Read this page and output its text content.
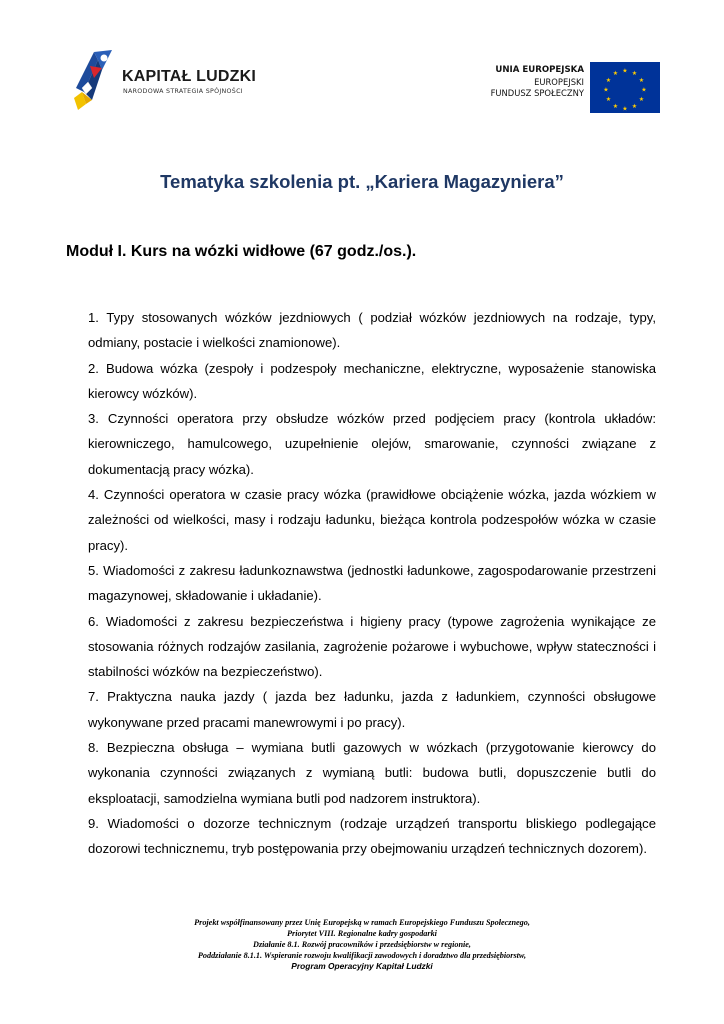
KAPITAŁ LUDZKI
NARODOWA STRATEGIA SPÓJNOŚCI
UNIA EUROPEJSKA
EUROPEJSKI
FUNDUSZ SPOŁECZNY
★ ★
★
★
★
★
★
★
★
★
★
★
Tematyka szkolenia pt. „Kariera Magazyniera”
Moduł I. Kurs na wózki widłowe (67 godz./os.).

1. Typy stosowanych wózków jezdniowych ( podział wózków jezdniowych na rodzaje, typy, odmiany, postacie i wielkości znamionowe).

2. Budowa wózka (zespoły i podzespoły mechaniczne, elektryczne, wyposażenie stanowiska kierowcy wózków).

3. Czynności operatora przy obsłudze wózków przed podjęciem pracy (kontrola układów: kierowniczego, hamulcowego, uzupełnienie olejów, smarowanie, czynności związane z dokumentacją pracy wózka).

4. Czynności operatora w czasie pracy wózka (prawidłowe obciążenie wózka, jazda wózkiem w zależności od wielkości, masy i rodzaju ładunku, bieżąca kontrola podzespołów wózka w czasie pracy).

5. Wiadomości z zakresu ładunkoznawstwa (jednostki ładunkowe, zagospodarowanie przestrzeni magazynowej, składowanie i układanie).

6. Wiadomości z zakresu bezpieczeństwa i higieny pracy (typowe zagrożenia wynikające ze stosowania różnych rodzajów zasilania, zagrożenie pożarowe i wybuchowe, wpływ stateczności i stabilności wózków na bezpieczeństwo).

7. Praktyczna nauka jazdy ( jazda bez ładunku, jazda z ładunkiem, czynności obsługowe wykonywane przed pracami manewrowymi i po pracy).

8. Bezpieczna obsługa – wymiana butli gazowych w wózkach (przygotowanie kierowcy do wykonania czynności związanych z wymianą butli: budowa butli, dopuszczenie butli do eksploatacji, samodzielna wymiana butli pod nadzorem instruktora).

9. Wiadomości o dozorze technicznym (rodzaje urządzeń transportu bliskiego podlegające dozorowi technicznemu, tryb postępowania przy obejmowaniu urządzeń technicznych dozorem).

Projekt współfinansowany przez Unię Europejską w ramach Europejskiego Funduszu Społecznego,
Priorytet VIII. Regionalne kadry gospodarki
Działanie 8.1. Rozwój pracowników i przedsiębiorstw w regionie,
Poddziałanie 8.1.1. Wspieranie rozwoju kwalifikacji zawodowych i doradztwo dla przedsiębiorstw,
Program Operacyjny Kapitał Ludzki
